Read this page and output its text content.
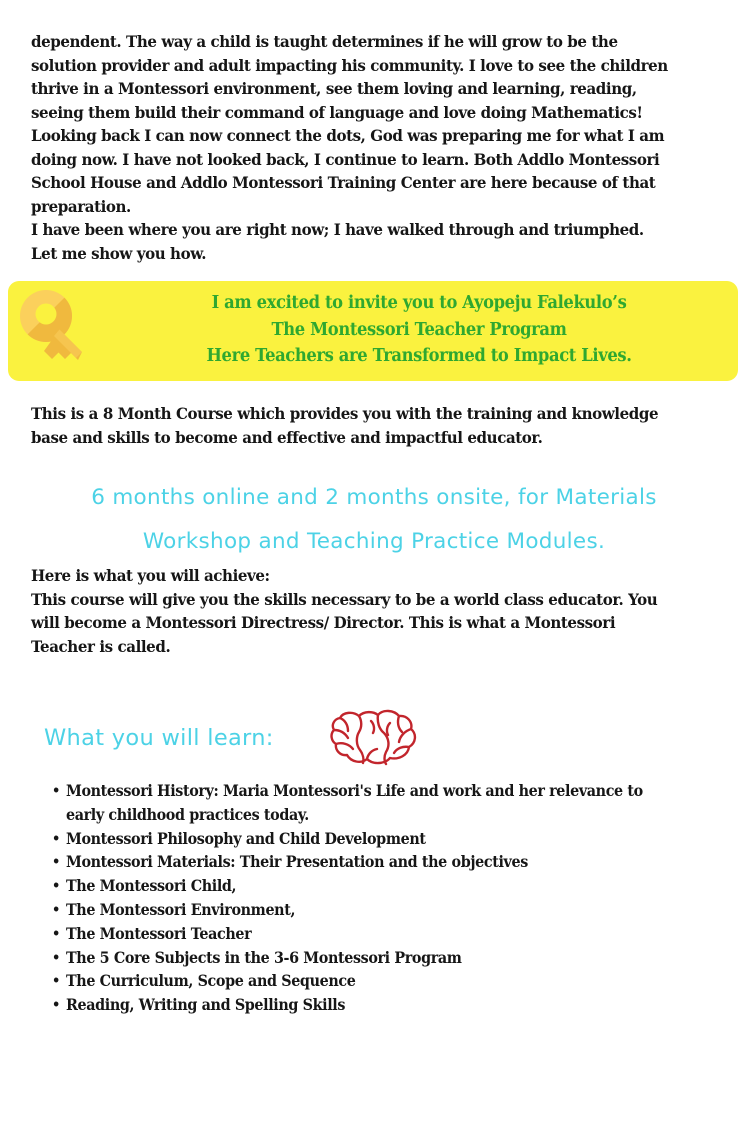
dependent. The way a child is taught determines if he will grow to be the solution provider and adult impacting his community. I love to see the children thrive in a Montessori environment, see them loving and learning, reading, seeing them build their command of language and love doing Mathematics!

Looking back I can now connect the dots, God was preparing me for what I am doing now. I have not looked back, I continue to learn. Both Addlo Montessori School House and Addlo Montessori Training Center are here because of that preparation.

I have been where you are right now; I have walked through and triumphed. Let me show you how.

I am excited to invite you to Ayopeju Falekulo’s
The Montessori Teacher Program
Here Teachers are Transformed to Impact Lives.

This is a 8 Month Course which provides you with the training and knowledge base and skills to become and effective and impactful educator.

6 months online and 2 months onsite, for Materials
Workshop and Teaching Practice Modules.

Here is what you will achieve:

This course will give you the skills necessary to be a world class educator. You will become a Montessori Directress/ Director. This is what a Montessori Teacher is called.

What you will learn:
• Montessori History: Maria Montessori's Life and work and her relevance to early childhood practices today.
• Montessori Philosophy and Child Development
• Montessori Materials: Their Presentation and the objectives
• The Montessori Child,
• The Montessori Environment,
• The Montessori Teacher
• The 5 Core Subjects in the 3-6 Montessori Program
• The Curriculum, Scope and Sequence
• Reading, Writing and Spelling Skills
